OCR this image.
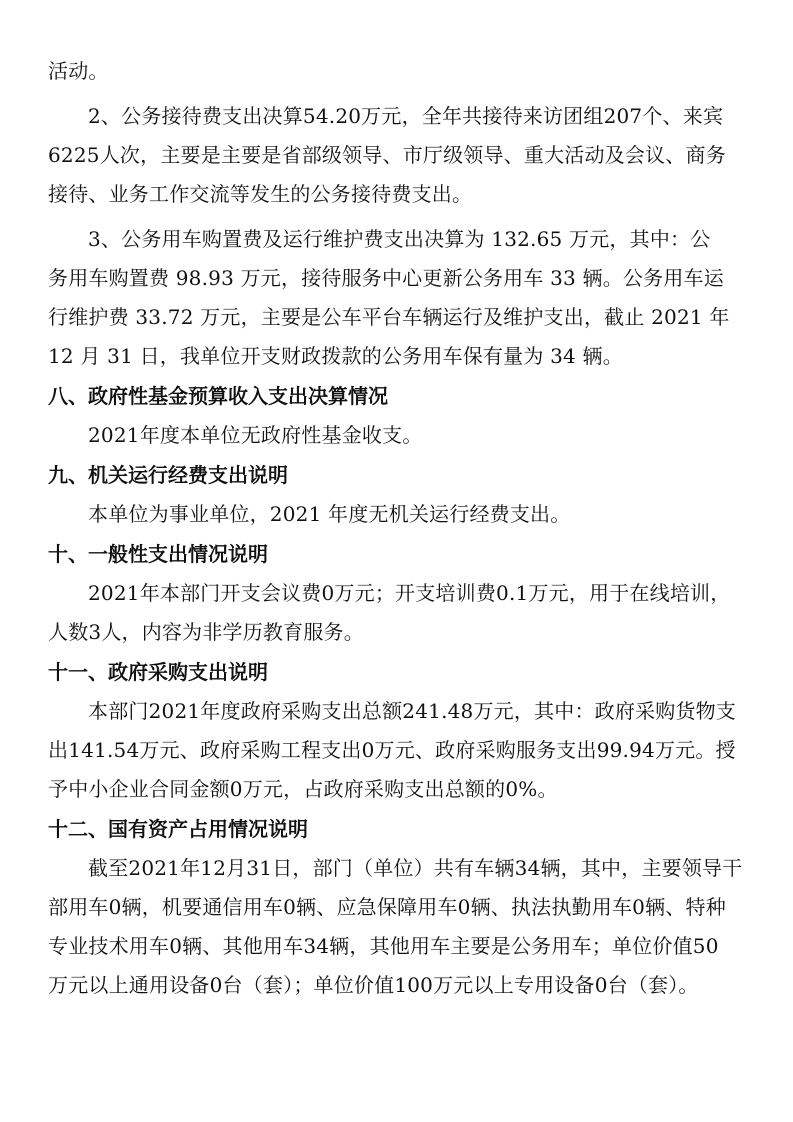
活动。

2、公务接待费支出决算54.20万元，全年共接待来访团组207个、来宾

6225人次，主要是主要是省部级领导、市厅级领导、重大活动及会议、商务

接待、业务工作交流等发生的公务接待费支出。

3、公务用车购置费及运行维护费支出决算为 132.65 万元，其中：公

务用车购置费 98.93 万元，接待服务中心更新公务用车 33 辆。公务用车运

行维护费 33.72 万元，主要是公车平台车辆运行及维护支出，截止 2021 年

12 月 31 日，我单位开支财政拨款的公务用车保有量为 34 辆。

八、政府性基金预算收入支出决算情况

2021年度本单位无政府性基金收支。

九、机关运行经费支出说明

本单位为事业单位，2021 年度无机关运行经费支出。

十、一般性支出情况说明

2021年本部门开支会议费0万元；开支培训费0.1万元，用于在线培训，

人数3人，内容为非学历教育服务。

十一、政府采购支出说明

本部门2021年度政府采购支出总额241.48万元，其中：政府采购货物支

出141.54万元、政府采购工程支出0万元、政府采购服务支出99.94万元。授

予中小企业合同金额0万元，占政府采购支出总额的0%。

十二、国有资产占用情况说明

截至2021年12月31日，部门（单位）共有车辆34辆，其中，主要领导干

部用车0辆，机要通信用车0辆、应急保障用车0辆、执法执勤用车0辆、特种

专业技术用车0辆、其他用车34辆，其他用车主要是公务用车；单位价值50

万元以上通用设备0台（套）；单位价值100万元以上专用设备0台（套）。
